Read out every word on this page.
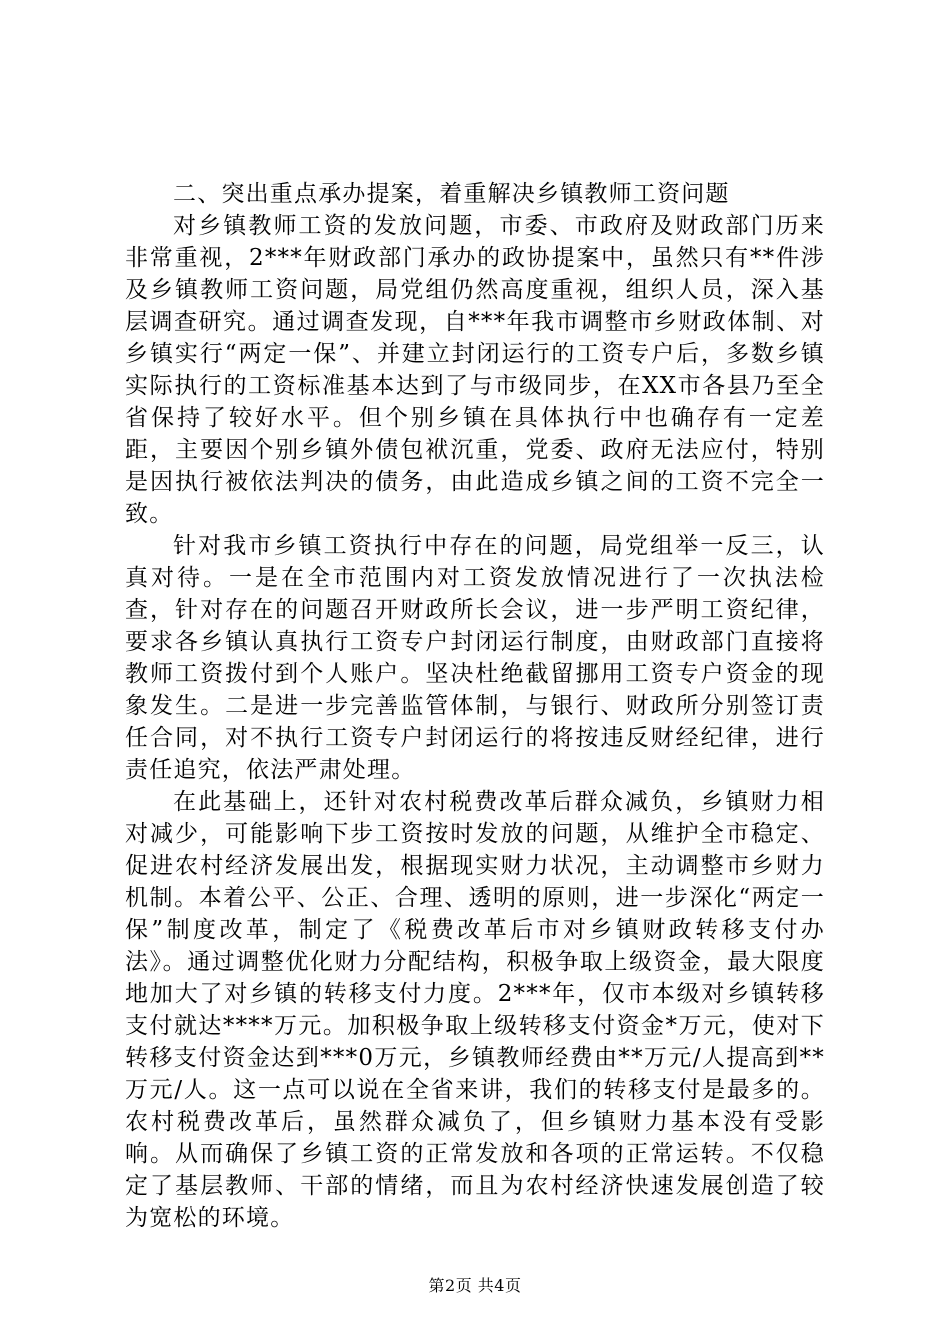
二、突出重点承办提案，着重解决乡镇教师工资问题

对乡镇教师工资的发放问题，市委、市政府及财政部门历来非常重视，2***年财政部门承办的政协提案中，虽然只有**件涉及乡镇教师工资问题，局党组仍然高度重视，组织人员，深入基层调查研究。通过调查发现，自***年我市调整市乡财政体制、对乡镇实行“两定一保”、并建立封闭运行的工资专户后，多数乡镇实际执行的工资标准基本达到了与市级同步，在XX市各县乃至全省保持了较好水平。但个别乡镇在具体执行中也确存有一定差距，主要因个别乡镇外债包袱沉重，党委、政府无法应付，特别是因执行被依法判决的债务，由此造成乡镇之间的工资不完全一致。

针对我市乡镇工资执行中存在的问题，局党组举一反三，认真对待。一是在全市范围内对工资发放情况进行了一次执法检查，针对存在的问题召开财政所长会议，进一步严明工资纪律，要求各乡镇认真执行工资专户封闭运行制度，由财政部门直接将教师工资拨付到个人账户。坚决杜绝截留挪用工资专户资金的现象发生。二是进一步完善监管体制，与银行、财政所分别签订责任合同，对不执行工资专户封闭运行的将按违反财经纪律，进行责任追究，依法严肃处理。

在此基础上，还针对农村税费改革后群众减负，乡镇财力相对减少，可能影响下步工资按时发放的问题，从维护全市稳定、促进农村经济发展出发，根据现实财力状况，主动调整市乡财力机制。本着公平、公正、合理、透明的原则，进一步深化“两定一保”制度改革，制定了《税费改革后市对乡镇财政转移支付办法》。通过调整优化财力分配结构，积极争取上级资金，最大限度地加大了对乡镇的转移支付力度。2***年，仅市本级对乡镇转移支付就达****万元。加积极争取上级转移支付资金*万元，使对下转移支付资金达到***0万元，乡镇教师经费由**万元/人提高到**万元/人。这一点可以说在全省来讲，我们的转移支付是最多的。农村税费改革后，虽然群众减负了，但乡镇财力基本没有受影响。从而确保了乡镇工资的正常发放和各项的正常运转。不仅稳定了基层教师、干部的情绪，而且为农村经济快速发展创造了较为宽松的环境。

第2页 共4页
